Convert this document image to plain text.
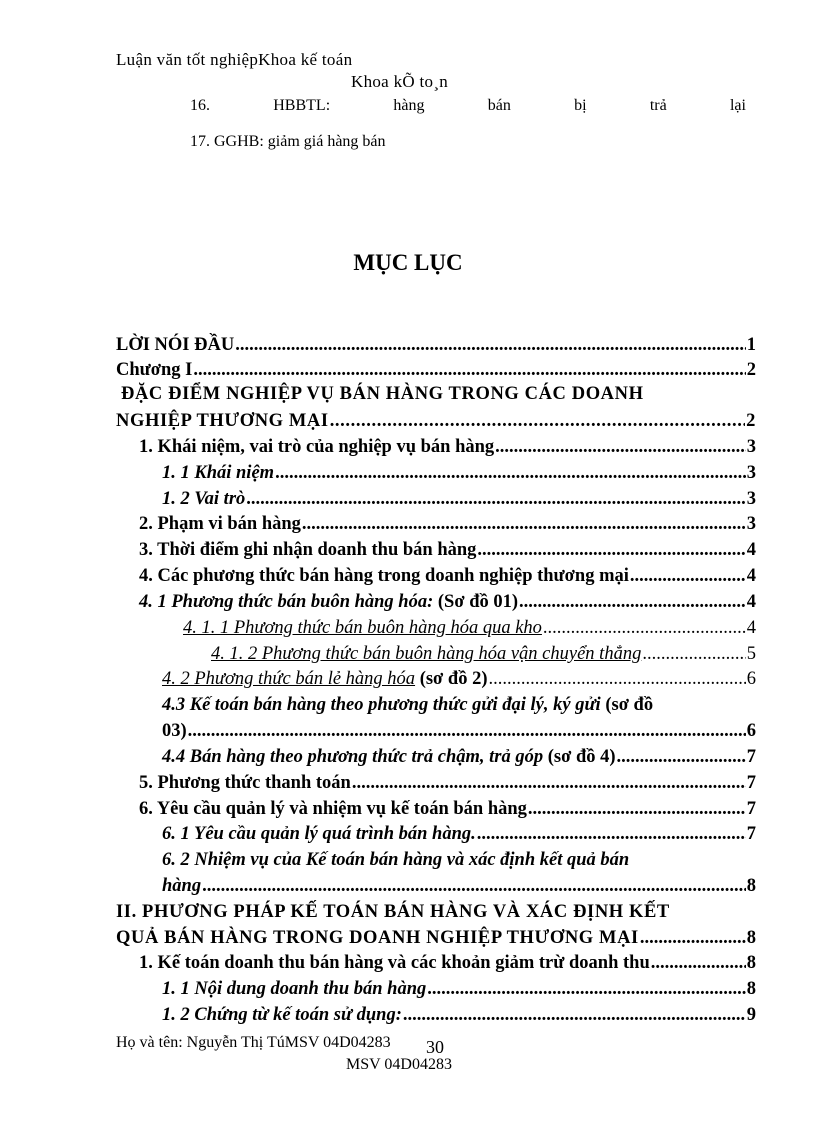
Luận văn tốt nghiệpKhoa kế toán
Khoa kÕ to¸n
16.	HBBTL:	hàng	bán	bị	trả	lại
17. GGHB: giảm giá hàng bán
MỤC LỤC
LỜI NÓI ĐẦU .....	1
Chương I .....	2
ĐẶC ĐIỂM NGHIỆP VỤ BÁN HÀNG TRONG CÁC DOANH
NGHIỆP THƯƠNG MẠI .....	2
1. Khái niệm, vai trò của nghiệp vụ bán hàng .....	3
1. 1 Khái niệm .....	3
1. 2 Vai trò .....	3
2. Phạm vi bán hàng .....	3
3. Thời điểm ghi nhận doanh thu bán hàng .....	4
4. Các phương thức bán hàng trong doanh nghiệp thương mại .....	4
4. 1 Phương thức bán buôn hàng hóa: (Sơ đồ 01) .....	4
4. 1. 1 Phương thức bán buôn hàng hóa qua kho .....	4
4. 1. 2 Phương thức bán buôn hàng hóa vận chuyển thẳng .....	5
4. 2 Phương thức bán lẻ hàng hóa (sơ đồ 2) .....	6
4.3 Kế toán bán hàng theo phương thức gửi đại lý, ký gửi (sơ đồ
03) .....	6
4.4 Bán hàng theo phương thức trả chậm, trả góp (sơ đồ 4) .....	7
5. Phương thức thanh toán .....	7
6. Yêu cầu quản lý và nhiệm vụ kế toán bán hàng .....	7
6. 1 Yêu cầu quản lý quá trình bán hàng. .....	7
6. 2 Nhiệm vụ của Kế toán bán hàng và xác định kết quả bán
hàng .....	8
II. PHƯƠNG PHÁP KẾ TOÁN BÁN HÀNG VÀ XÁC ĐỊNH KẾT
QUẢ BÁN HÀNG TRONG DOANH NGHIỆP THƯƠNG MẠI .....	8
1. Kế toán doanh thu bán hàng và các khoản giảm trừ doanh thu .....	8
1. 1 Nội dung doanh thu bán hàng .....	8
1. 2 Chứng từ kế toán sử dụng: .....	9
Họ và tên: Nguyễn Thị TúMSV 04D04283 30
MSV 04D04283
